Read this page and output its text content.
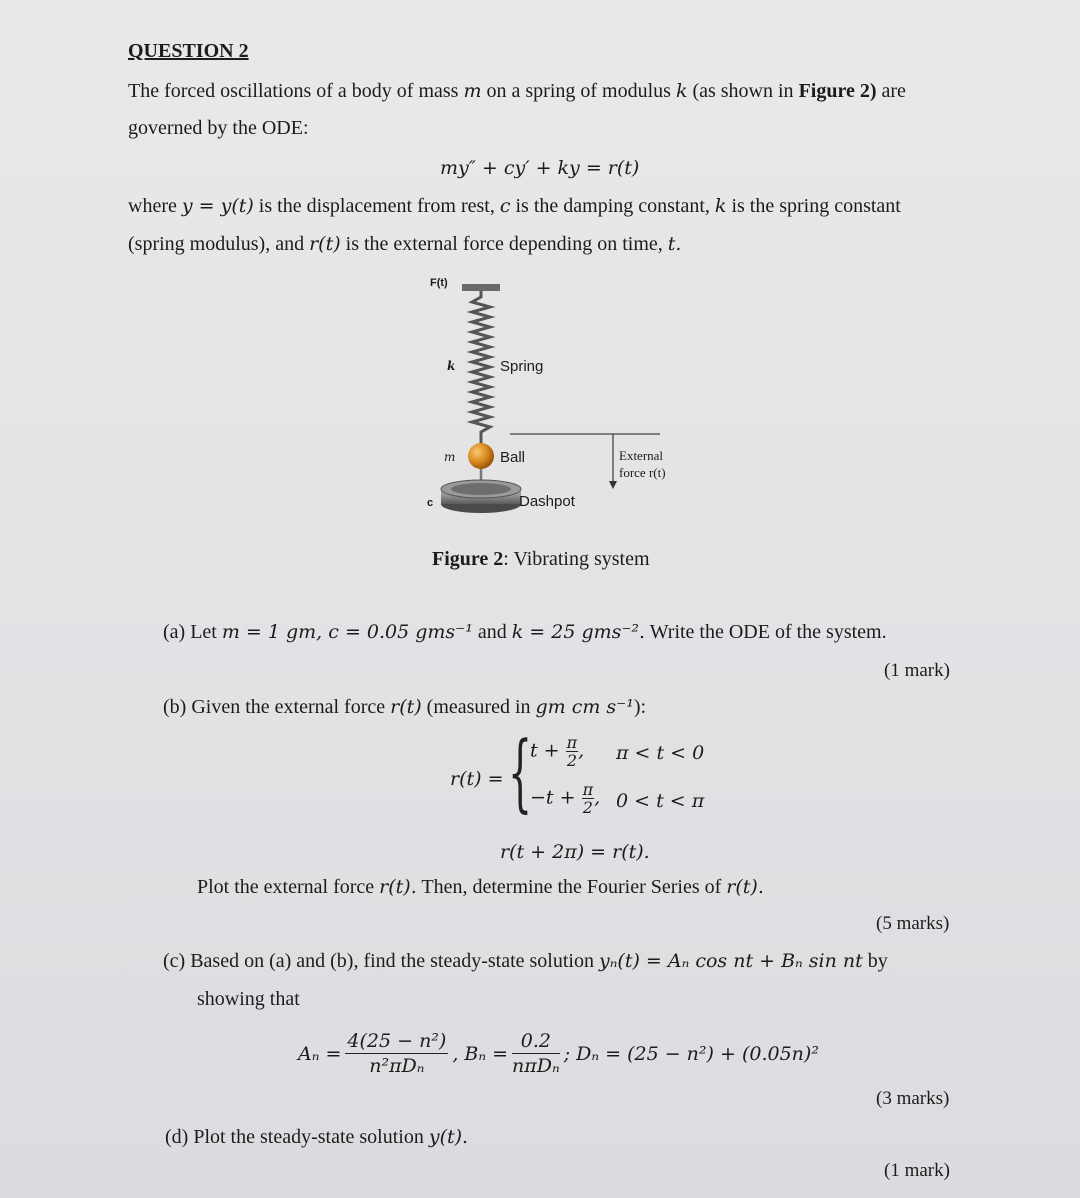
QUESTION 2
The forced oscillations of a body of mass m on a spring of modulus k (as shown in Figure 2) are
governed by the ODE:
my″ + cy′ + ky = r(t)
where y = y(t) is the displacement from rest, c is the damping constant, k is the spring constant
(spring modulus), and r(t) is the external force depending on time, t.
F(t)
k	Spring
m	Ball
c	Dashpot
External
force r(t)
Figure 2: Vibrating system
(a) Let m = 1 gm, c = 0.05 gms⁻¹ and k = 25 gms⁻². Write the ODE of the system.
(1 mark)
(b) Given the external force r(t) (measured in gm cm s⁻¹):
r(t) = {
$t + \frac{\pi}{2}$ , π < t < 0
$-t + \frac{\pi}{2}$ , 0 < t < π
r(t + 2π) = r(t).
Plot the external force r(t). Then, determine the Fourier Series of r(t).
(5 marks)
(c) Based on (a) and (b), find the steady-state solution yₙ(t) = Aₙ cos nt + Bₙ sin nt by
showing that
$A_n = \frac{\text{4(25 − n²)}}{\text{n²πDₙ}}$ , $B_n = \frac{0.2}{\text{nπDₙ}}$ ; Dₙ = (25 − n²) + (0.05n)²
(3 marks)
(d) Plot the steady-state solution y(t).
(1 mark)
